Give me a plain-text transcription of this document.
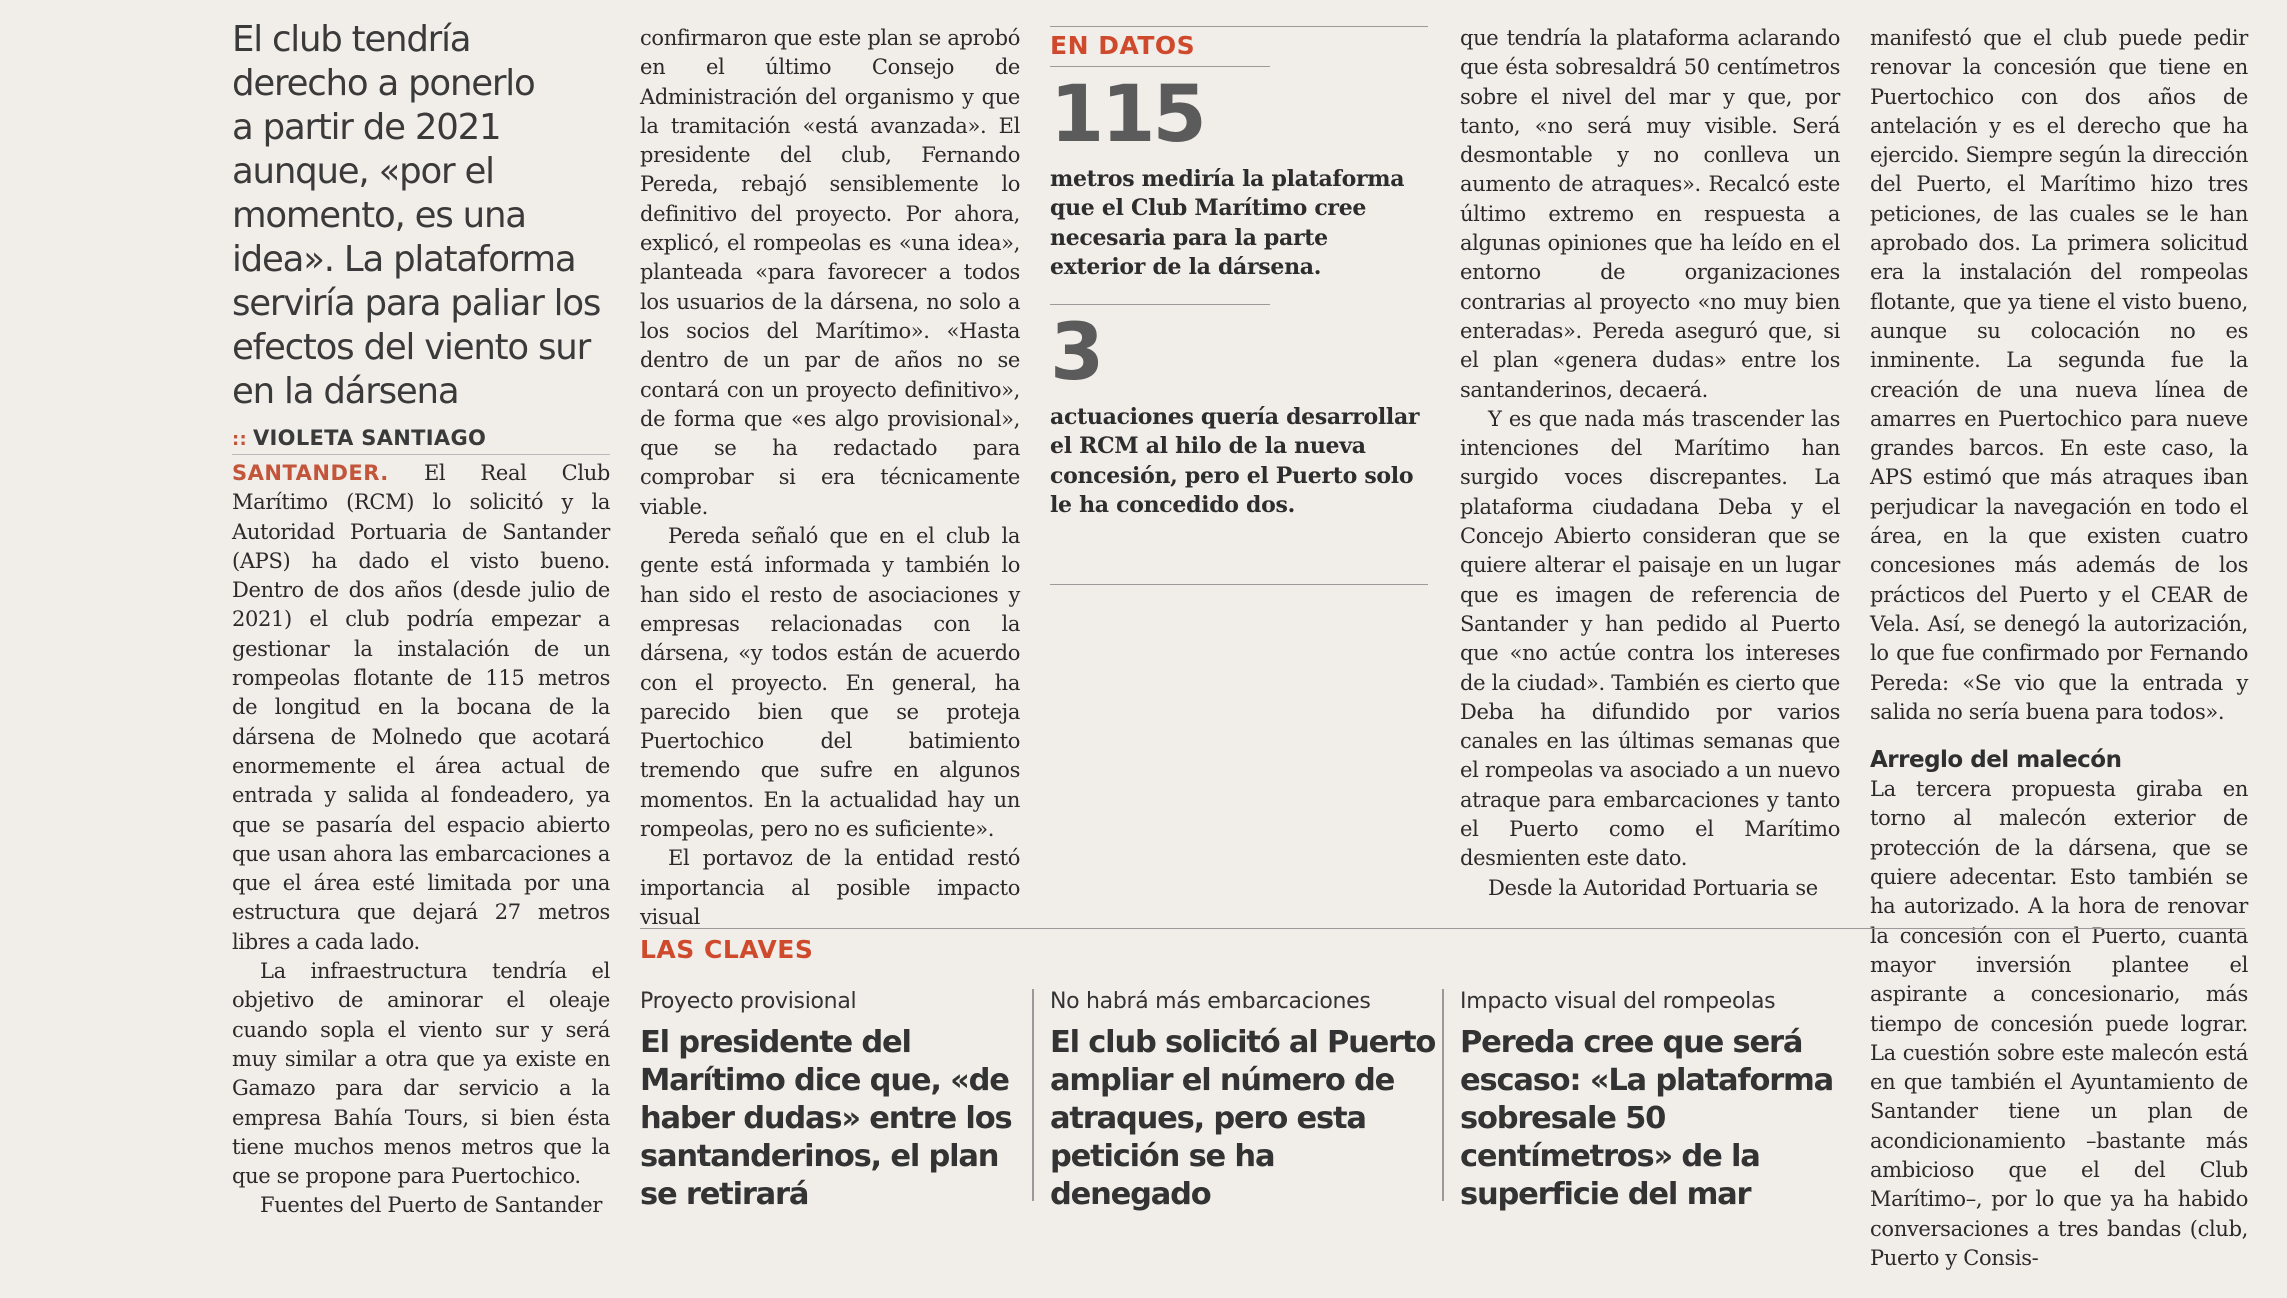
El club tendría
derecho a ponerlo
a partir de 2021
aunque, «por el
momento, es una
idea». La plataforma
serviría para paliar los
efectos del viento sur
en la dársena
:: VIOLETA SANTIAGO

SANTANDER. El Real Club Marítimo (RCM) lo solicitó y la Autoridad Portuaria de Santander (APS) ha dado el visto bueno. Dentro de dos años (desde julio de 2021) el club podría empezar a gestionar la instalación de un rompeolas flotante de 115 metros de longitud en la bocana de la dársena de Molnedo que acotará enormemente el área actual de entrada y salida al fondeadero, ya que se pasaría del espacio abierto que usan ahora las embarcaciones a que el área esté limitada por una estructura que dejará 27 metros libres a cada lado.

La infraestructura tendría el objetivo de aminorar el oleaje cuando sopla el viento sur y será muy similar a otra que ya existe en Gamazo para dar servicio a la empresa Bahía Tours, si bien ésta tiene muchos menos metros que la que se propone para Puertochico.

Fuentes del Puerto de Santander

confirmaron que este plan se aprobó en el último Consejo de Administración del organismo y que la tramitación «está avanzada». El presidente del club, Fernando Pereda, rebajó sensiblemente lo definitivo del proyecto. Por ahora, explicó, el rompeolas es «una idea», planteada «para favorecer a todos los usuarios de la dársena, no solo a los socios del Marítimo». «Hasta dentro de un par de años no se contará con un proyecto definitivo», de forma que «es algo provisional», que se ha redactado para comprobar si era técnicamente viable.

Pereda señaló que en el club la gente está informada y también lo han sido el resto de asociaciones y empresas relacionadas con la dársena, «y todos están de acuerdo con el proyecto. En general, ha parecido bien que se proteja Puertochico del batimiento tremendo que sufre en algunos momentos. En la actualidad hay un rompeolas, pero no es suficiente».

El portavoz de la entidad restó importancia al posible impacto visual

EN DATOS
115

metros mediría la plataforma que el Club Marítimo cree necesaria para la parte exterior de la dársena.

3

actuaciones quería desarrollar el RCM al hilo de la nueva concesión, pero el Puerto solo le ha concedido dos.

que tendría la plataforma aclarando que ésta sobresaldrá 50 centímetros sobre el nivel del mar y que, por tanto, «no será muy visible. Será desmontable y no conlleva un aumento de atraques». Recalcó este último extremo en respuesta a algunas opiniones que ha leído en el entorno de organizaciones contrarias al proyecto «no muy bien enteradas». Pereda aseguró que, si el plan «genera dudas» entre los santanderinos, decaerá.

Y es que nada más trascender las intenciones del Marítimo han surgido voces discrepantes. La plataforma ciudadana Deba y el Concejo Abierto consideran que se quiere alterar el paisaje en un lugar que es imagen de referencia de Santander y han pedido al Puerto que «no actúe contra los intereses de la ciudad». También es cierto que Deba ha difundido por varios canales en las últimas semanas que el rompeolas va asociado a un nuevo atraque para embarcaciones y tanto el Puerto como el Marítimo desmienten este dato.

Desde la Autoridad Portuaria se

manifestó que el club puede pedir renovar la concesión que tiene en Puertochico con dos años de antelación y es el derecho que ha ejercido. Siempre según la dirección del Puerto, el Marítimo hizo tres peticiones, de las cuales se le han aprobado dos. La primera solicitud era la instalación del rompeolas flotante, que ya tiene el visto bueno, aunque su colocación no es inminente. La segunda fue la creación de una nueva línea de amarres en Puertochico para nueve grandes barcos. En este caso, la APS estimó que más atraques iban perjudicar la navegación en todo el área, en la que existen cuatro concesiones más además de los prácticos del Puerto y el CEAR de Vela. Así, se denegó la autorización, lo que fue confirmado por Fernando Pereda: «Se vio que la entrada y salida no sería buena para todos».

Arreglo del malecón

La tercera propuesta giraba en torno al malecón exterior de protección de la dársena, que se quiere adecentar. Esto también se ha autorizado. A la hora de renovar la concesión con el Puerto, cuanta mayor inversión plantee el aspirante a concesionario, más tiempo de concesión puede lograr. La cuestión sobre este malecón está en que también el Ayuntamiento de Santander tiene un plan de acondicionamiento –bastante más ambicioso que el del Club Marítimo–, por lo que ya ha habido conversaciones a tres bandas (club, Puerto y Consis-

LAS CLAVES

Proyecto provisional

El presidente del Marítimo dice que, «de haber dudas» entre los santanderinos, el plan se retirará

No habrá más embarcaciones

El club solicitó al Puerto ampliar el número de atraques, pero esta petición se ha denegado

Impacto visual del rompeolas

Pereda cree que será escaso: «La plataforma sobresale 50 centímetros» de la superficie del mar
